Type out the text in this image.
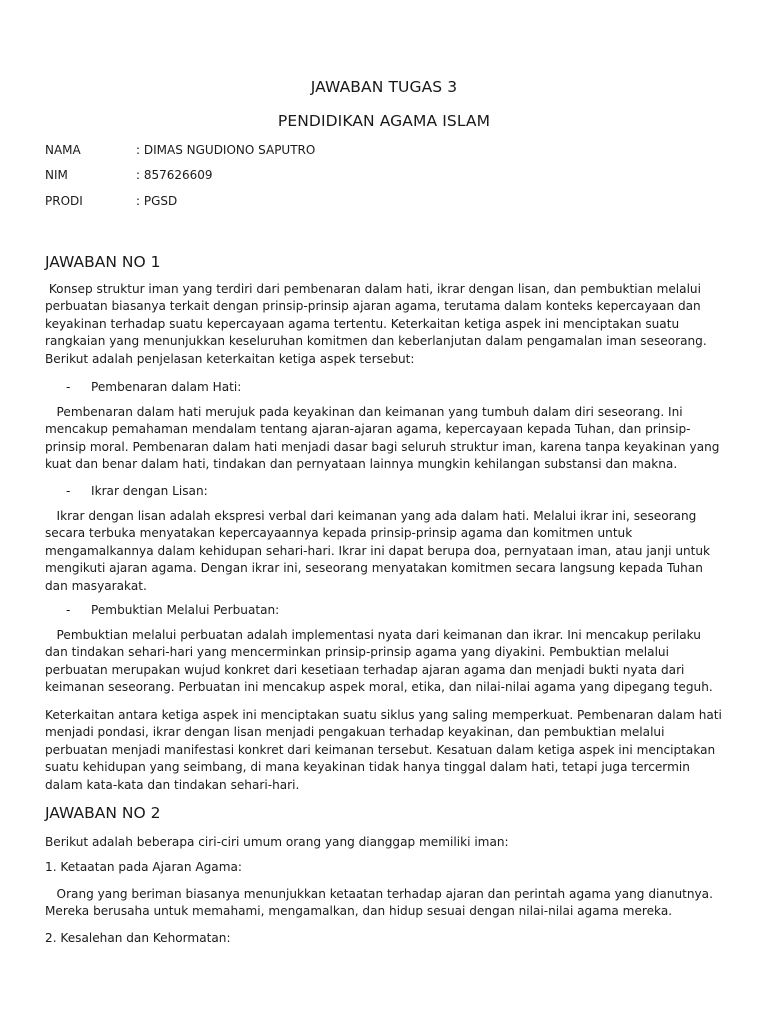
JAWABAN TUGAS 3
PENDIDIKAN AGAMA ISLAM
NAMA	: DIMAS NGUDIONO SAPUTRO
NIM	: 857626609
PRODI	: PGSD
JAWABAN NO 1

Konsep struktur iman yang terdiri dari pembenaran dalam hati, ikrar dengan lisan, dan pembuktian melalui perbuatan biasanya terkait dengan prinsip-prinsip ajaran agama, terutama dalam konteks kepercayaan dan keyakinan terhadap suatu kepercayaan agama tertentu. Keterkaitan ketiga aspek ini menciptakan suatu rangkaian yang menunjukkan keseluruhan komitmen dan keberlanjutan dalam pengamalan iman seseorang. Berikut adalah penjelasan keterkaitan ketiga aspek tersebut:

- Pembenaran dalam Hati:

Pembenaran dalam hati merujuk pada keyakinan dan keimanan yang tumbuh dalam diri seseorang. Ini mencakup pemahaman mendalam tentang ajaran-ajaran agama, kepercayaan kepada Tuhan, dan prinsip-prinsip moral. Pembenaran dalam hati menjadi dasar bagi seluruh struktur iman, karena tanpa keyakinan yang kuat dan benar dalam hati, tindakan dan pernyataan lainnya mungkin kehilangan substansi dan makna.

- Ikrar dengan Lisan:

Ikrar dengan lisan adalah ekspresi verbal dari keimanan yang ada dalam hati. Melalui ikrar ini, seseorang secara terbuka menyatakan kepercayaannya kepada prinsip-prinsip agama dan komitmen untuk mengamalkannya dalam kehidupan sehari-hari. Ikrar ini dapat berupa doa, pernyataan iman, atau janji untuk mengikuti ajaran agama. Dengan ikrar ini, seseorang menyatakan komitmen secara langsung kepada Tuhan dan masyarakat.

- Pembuktian Melalui Perbuatan:

Pembuktian melalui perbuatan adalah implementasi nyata dari keimanan dan ikrar. Ini mencakup perilaku dan tindakan sehari-hari yang mencerminkan prinsip-prinsip agama yang diyakini. Pembuktian melalui perbuatan merupakan wujud konkret dari kesetiaan terhadap ajaran agama dan menjadi bukti nyata dari keimanan seseorang. Perbuatan ini mencakup aspek moral, etika, dan nilai-nilai agama yang dipegang teguh.

Keterkaitan antara ketiga aspek ini menciptakan suatu siklus yang saling memperkuat. Pembenaran dalam hati menjadi pondasi, ikrar dengan lisan menjadi pengakuan terhadap keyakinan, dan pembuktian melalui perbuatan menjadi manifestasi konkret dari keimanan tersebut. Kesatuan dalam ketiga aspek ini menciptakan suatu kehidupan yang seimbang, di mana keyakinan tidak hanya tinggal dalam hati, tetapi juga tercermin dalam kata-kata dan tindakan sehari-hari.

JAWABAN NO 2

Berikut adalah beberapa ciri-ciri umum orang yang dianggap memiliki iman:

1. Ketaatan pada Ajaran Agama:

Orang yang beriman biasanya menunjukkan ketaatan terhadap ajaran dan perintah agama yang dianutnya. Mereka berusaha untuk memahami, mengamalkan, dan hidup sesuai dengan nilai-nilai agama mereka.

2. Kesalehan dan Kehormatan:
